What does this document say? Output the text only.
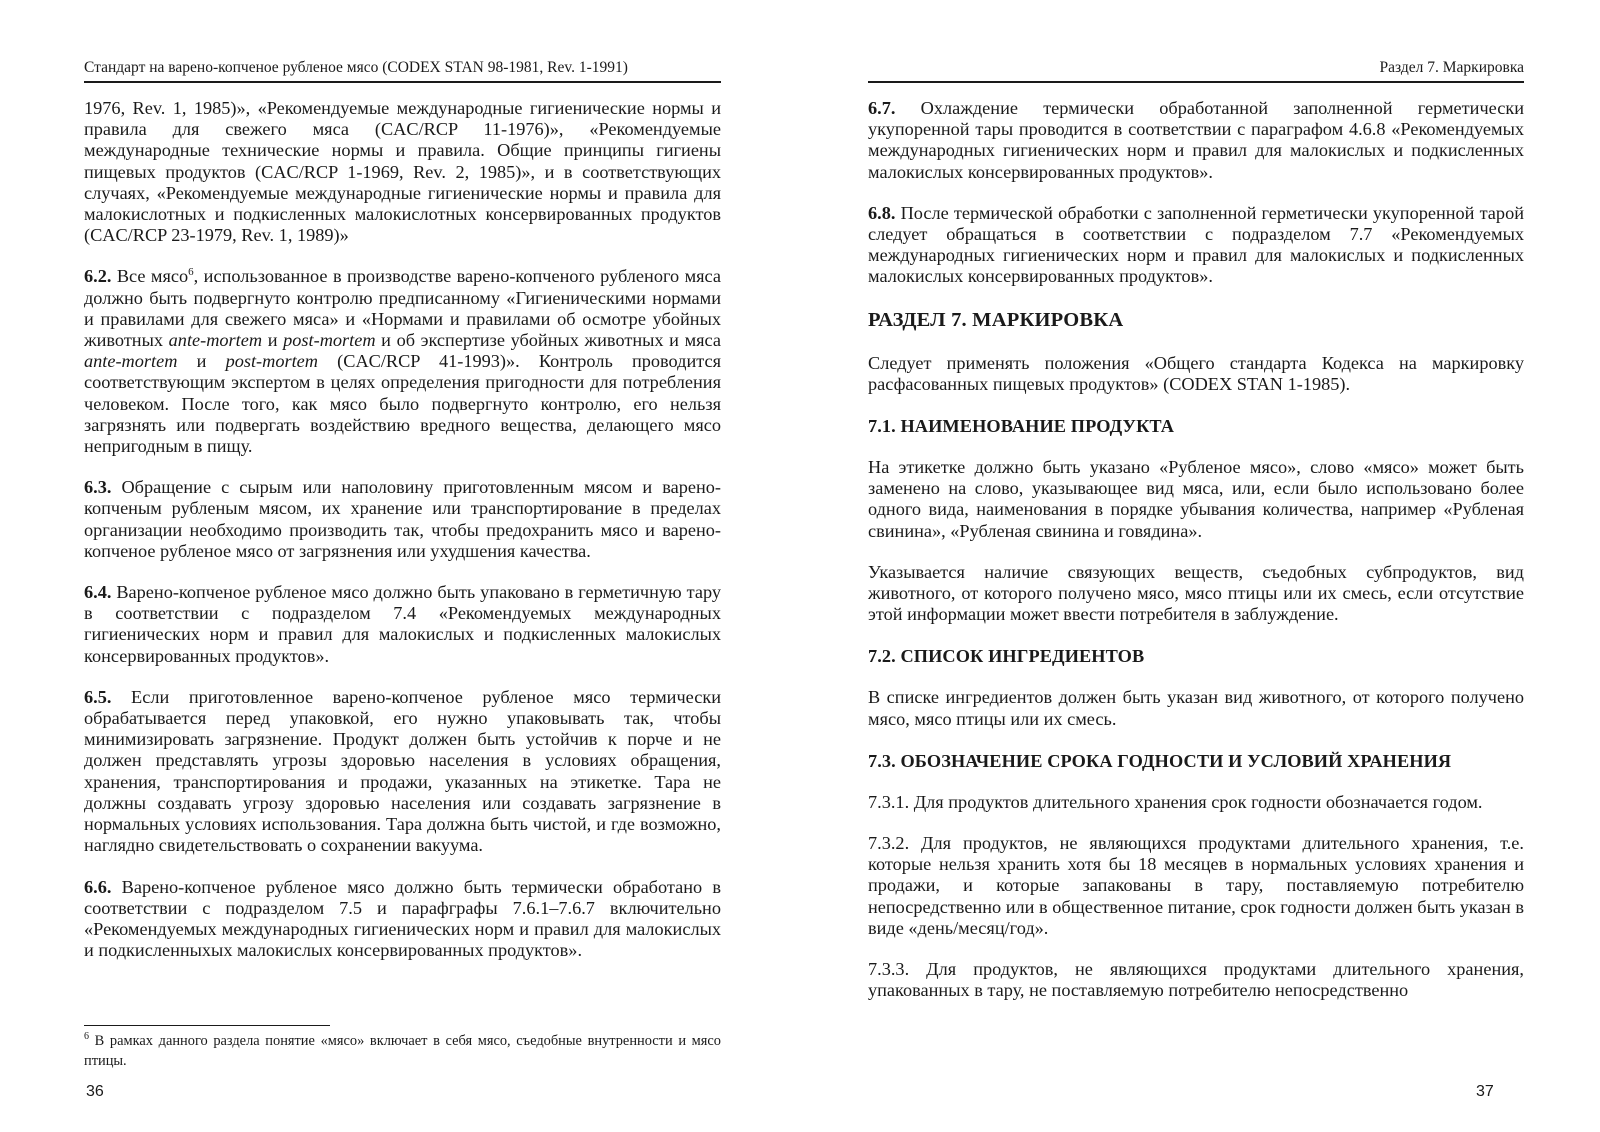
Стандарт на варено-копченое рубленое мясо (CODEX STAN 98-1981, Rev. 1-1991)

1976, Rev. 1, 1985)», «Рекомендуемые международные гигиенические нормы и правила для свежего мяса (CAC/RCP 11-1976)», «Рекомендуемые международные технические нормы и правила. Общие принципы гигиены пищевых продуктов (CAC/RCP 1-1969, Rev. 2, 1985)», и в соответствующих случаях, «Рекомендуемые международные гигиенические нормы и правила для малокислотных и подкисленных малокислотных консервированных продуктов (CAC/RCP 23-1979, Rev. 1, 1989)»

6.2. Все мясо$^6$, использованное в производстве варено-копченого рубленого мяса должно быть подвергнуто контролю предписанному «Гигиеническими нормами и правилами для свежего мяса» и «Нормами и правилами об осмотре убойных животных ante-mortem и post-mortem и об экспертизе убойных животных и мяса ante-mortem и post-mortem (CAC/RCP 41-1993)». Контроль проводится соответствующим экспертом в целях определения пригодности для потребления человеком. После того, как мясо было подвергнуто контролю, его нельзя загрязнять или подвергать воздействию вредного вещества, делающего мясо непригодным в пищу.

6.3. Обращение с сырым или наполовину приготовленным мясом и варено-копченым рубленым мясом, их хранение или транспортирование в пределах организации необходимо производить так, чтобы предохранить мясо и варено-копченое рубленое мясо от загрязнения или ухудшения качества.

6.4. Варено-копченое рубленое мясо должно быть упаковано в герметичную тару в соответствии с подразделом 7.4 «Рекомендуемых международных гигиенических норм и правил для малокислых и подкисленных малокислых консервированных продуктов».

6.5. Если приготовленное варено-копченое рубленое мясо термически обрабатывается перед упаковкой, его нужно упаковывать так, чтобы минимизировать загрязнение. Продукт должен быть устойчив к порче и не должен представлять угрозы здоровью населения в условиях обращения, хранения, транспортирования и продажи, указанных на этикетке. Тара не должны создавать угрозу здоровью населения или создавать загрязнение в нормальных условиях использования. Тара должна быть чистой, и где возможно, наглядно свидетельствовать о сохранении вакуума.

6.6. Варено-копченое рубленое мясо должно быть термически обработано в соответствии с подразделом 7.5 и парафграфы 7.6.1–7.6.7 включительно «Рекомендуемых международных гигиенических норм и правил для малокислых и подкисленныхых малокислых консервированных продуктов».

$^6$ В рамках данного раздела понятие «мясо» включает в себя мясо, съедобные внутренности и мясо птицы.
36
Раздел 7. Маркировка

6.7. Охлаждение термически обработанной заполненной герметически укупоренной тары проводится в соответствии с параграфом 4.6.8 «Рекомендуемых международных гигиенических норм и правил для малокислых и подкисленных малокислых консервированных продуктов».

6.8. После термической обработки с заполненной герметически укупоренной тарой следует обращаться в соответствии с подразделом 7.7 «Рекомендуемых международных гигиенических норм и правил для малокислых и подкисленных малокислых консервированных продуктов».

РАЗДЕЛ 7. МАРКИРОВКА

Следует применять положения «Общего стандарта Кодекса на маркировку расфасованных пищевых продуктов» (CODEX STAN 1-1985).

7.1. НАИМЕНОВАНИЕ ПРОДУКТА

На этикетке должно быть указано «Рубленое мясо», слово «мясо» может быть заменено на слово, указывающее вид мяса, или, если было использовано более одного вида, наименования в порядке убывания количества, например «Рубленая свинина», «Рубленая свинина и говядина».

Указывается наличие связующих веществ, съедобных субпродуктов, вид животного, от которого получено мясо, мясо птицы или их смесь, если отсутствие этой информации может ввести потребителя в заблуждение.

7.2. СПИСОК ИНГРЕДИЕНТОВ

В списке ингредиентов должен быть указан вид животного, от которого получено мясо, мясо птицы или их смесь.

7.3. ОБОЗНАЧЕНИЕ СРОКА ГОДНОСТИ И УСЛОВИЙ ХРАНЕНИЯ

7.3.1. Для продуктов длительного хранения срок годности обозначается годом.

7.3.2. Для продуктов, не являющихся продуктами длительного хранения, т.е. которые нельзя хранить хотя бы 18 месяцев в нормальных условиях хранения и продажи, и которые запакованы в тару, поставляемую потребителю непосредственно или в общественное питание, срок годности должен быть указан в виде «день/месяц/год».

7.3.3. Для продуктов, не являющихся продуктами длительного хранения, упакованных в тару, не поставляемую потребителю непосредственно

37
